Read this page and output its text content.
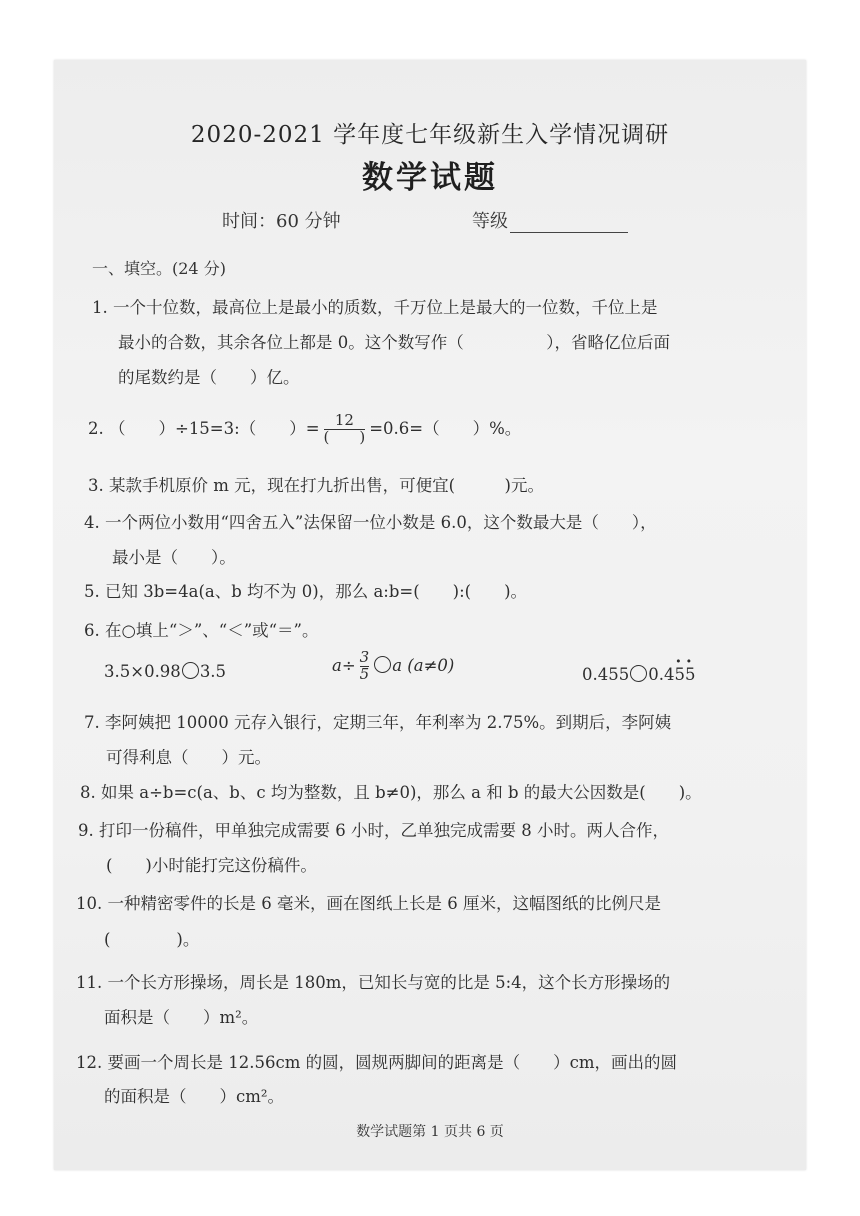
2020-2021 学年度七年级新生入学情况调研
数学试题
时间：60 分钟	等级
一、填空。(24 分)
1. 一个十位数，最高位上是最小的质数，千万位上是最大的一位数，千位上是
最小的合数，其余各位上都是 0。这个数写作（　　　　　），省略亿位后面
的尾数约是（　　）亿。
2. （　　）÷15=3:（　　）= $\frac{12}{( )} =0.6=$（　　）%。
3. 某款手机原价 m 元，现在打九折出售，可便宜(　　　)元。
4. 一个两位小数用“四舍五入”法保留一位小数是 6.0，这个数最大是（　　），
最小是（　　）。
5. 已知 3b=4a(a、b 均不为 0)，那么 a:b=(　　):(　　)。
6. 在○填上“＞”、“＜”或“＝”。
3.5×0.98 3.5	$a\div \frac{3}{5}$ a (a≠0)	0.455 0.4· 5· 5
7. 李阿姨把 10000 元存入银行，定期三年，年利率为 2.75%。到期后，李阿姨
可得利息（　　）元。
8. 如果 a÷b=c(a、b、c 均为整数，且 b≠0)，那么 a 和 b 的最大公因数是(　　)。
9. 打印一份稿件，甲单独完成需要 6 小时，乙单独完成需要 8 小时。两人合作，
(　　)小时能打完这份稿件。
10. 一种精密零件的长是 6 毫米，画在图纸上长是 6 厘米，这幅图纸的比例尺是
(　　　　)。
11. 一个长方形操场，周长是 180m，已知长与宽的比是 5:4，这个长方形操场的
面积是（　　）m²。
12. 要画一个周长是 12.56cm 的圆，圆规两脚间的距离是（　　）cm，画出的圆
的面积是（　　）cm²。
数学试题第 1 页共 6 页
